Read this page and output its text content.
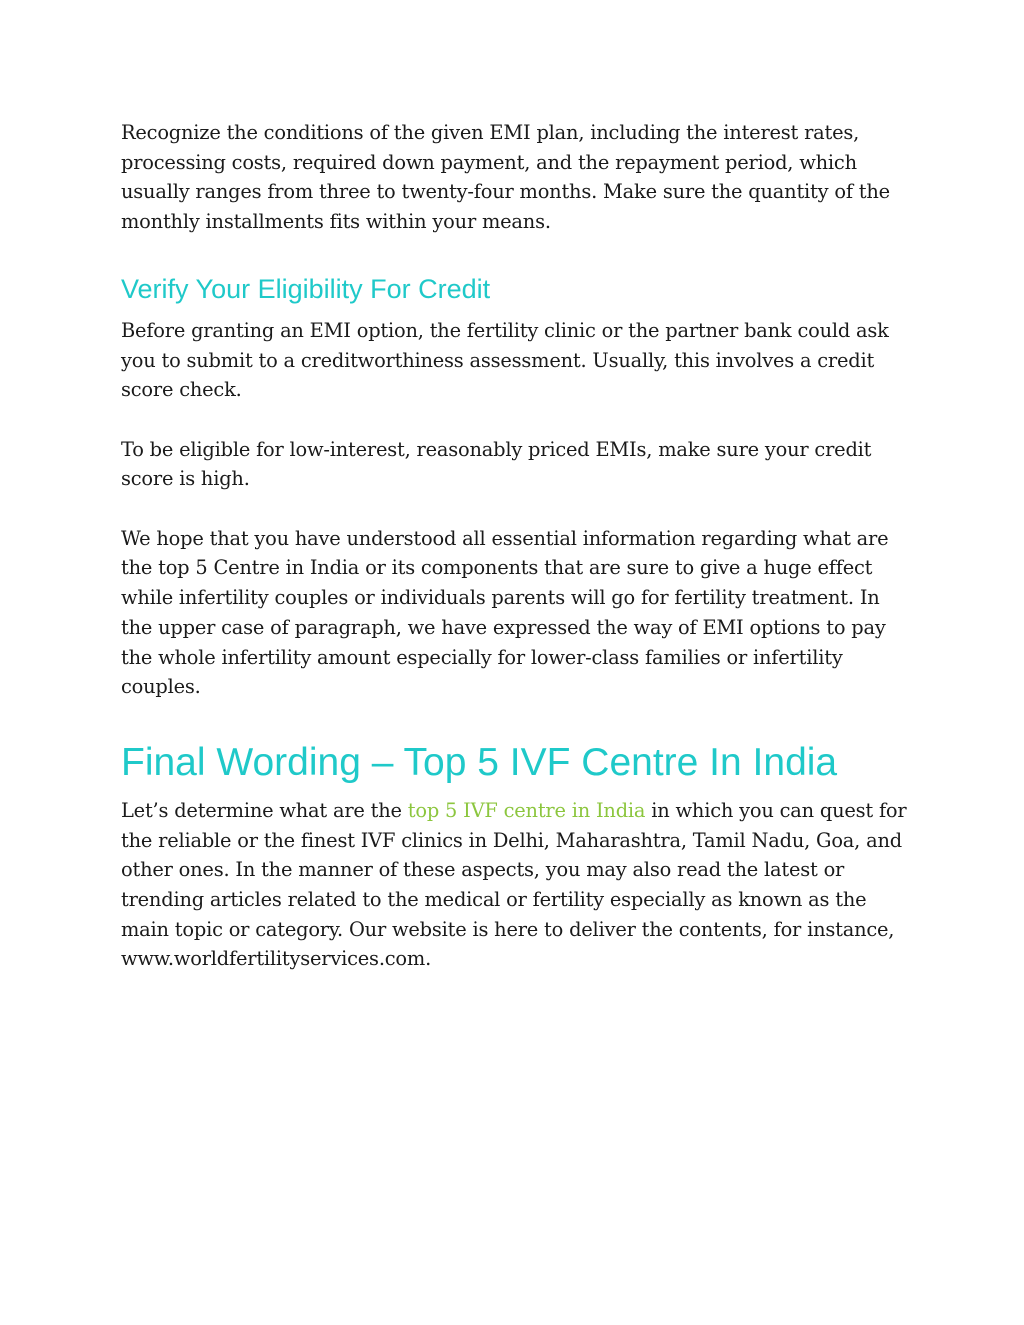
Recognize the conditions of the given EMI plan, including the interest rates, processing costs, required down payment, and the repayment period, which usually ranges from three to twenty-four months. Make sure the quantity of the monthly installments fits within your means.

Verify Your Eligibility For Credit

Before granting an EMI option, the fertility clinic or the partner bank could ask you to submit to a creditworthiness assessment. Usually, this involves a credit score check.

To be eligible for low-interest, reasonably priced EMIs, make sure your credit score is high.

We hope that you have understood all essential information regarding what are the top 5 Centre in India or its components that are sure to give a huge effect while infertility couples or individuals parents will go for fertility treatment. In the upper case of paragraph, we have expressed the way of EMI options to pay the whole infertility amount especially for lower-class families or infertility couples.

Final Wording – Top 5 IVF Centre In India

Let’s determine what are the top 5 IVF centre in India in which you can quest for the reliable or the finest IVF clinics in Delhi, Maharashtra, Tamil Nadu, Goa, and other ones. In the manner of these aspects, you may also read the latest or trending articles related to the medical or fertility especially as known as the main topic or category. Our website is here to deliver the contents, for instance, www.worldfertilityservices.com.
